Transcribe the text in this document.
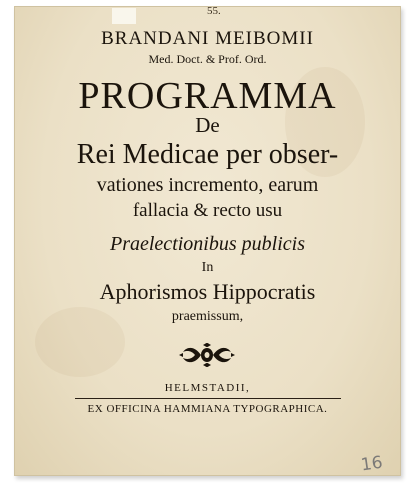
55.
BRANDANI MEIBOMII
Med. Doct. & Prof. Ord.
PROGRAMMA
De
Rei Medicae per obser-
vationes incremento, earum
fallacia & recto usu
Praelectionibus publicis
In
Aphorismos Hippocratis
praemissum,
HELMSTADII,
EX OFFICINA HAMMIANA TYPOGRAPHICA.
16
